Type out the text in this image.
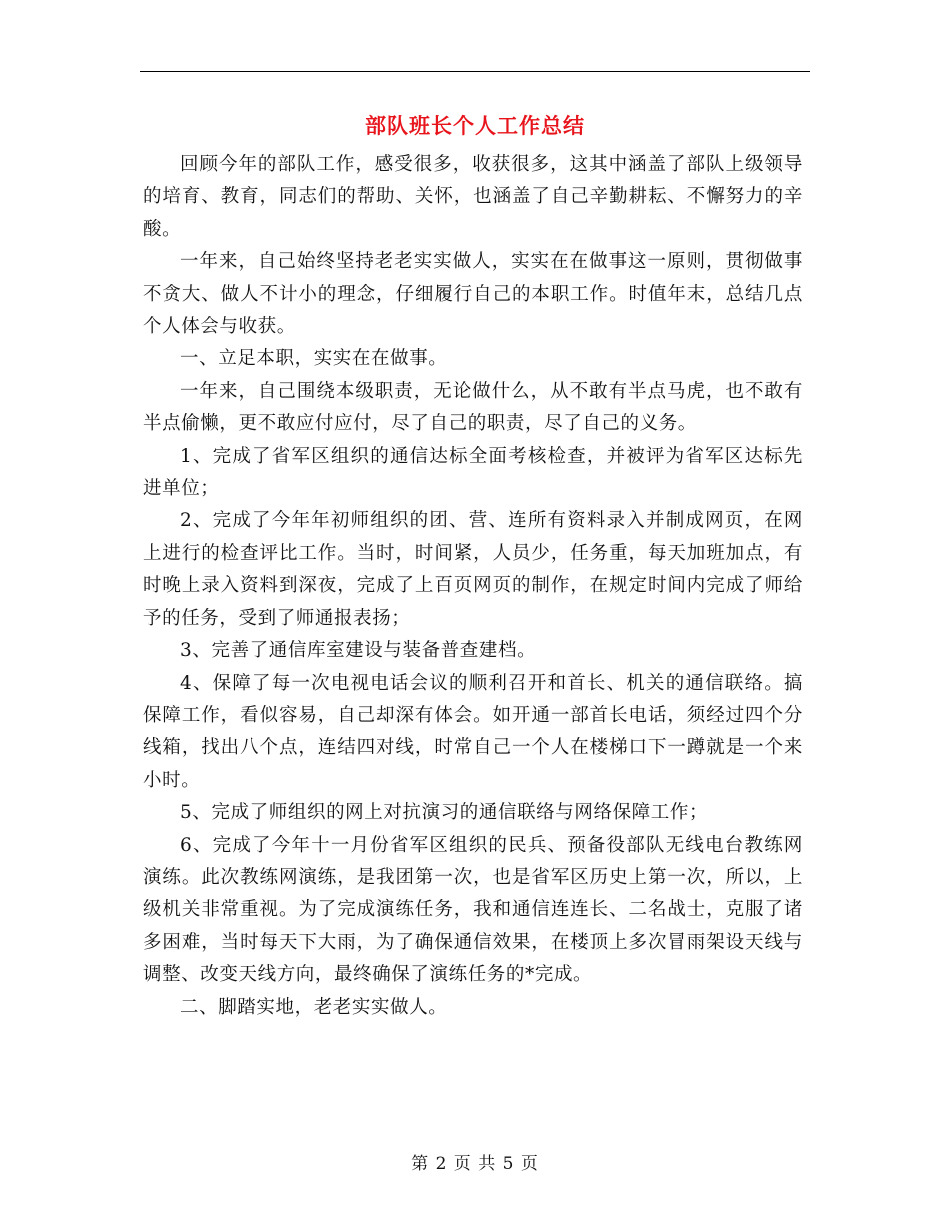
部队班长个人工作总结

回顾今年的部队工作，感受很多，收获很多，这其中涵盖了部队上级领导的培育、教育，同志们的帮助、关怀，也涵盖了自己辛勤耕耘、不懈努力的辛酸。

一年来，自己始终坚持老老实实做人，实实在在做事这一原则，贯彻做事不贪大、做人不计小的理念，仔细履行自己的本职工作。时值年末，总结几点个人体会与收获。

一、立足本职，实实在在做事。

一年来，自己围绕本级职责，无论做什么，从不敢有半点马虎，也不敢有半点偷懒，更不敢应付应付，尽了自己的职责，尽了自己的义务。

1、完成了省军区组织的通信达标全面考核检查，并被评为省军区达标先进单位；

2、完成了今年年初师组织的团、营、连所有资料录入并制成网页，在网上进行的检查评比工作。当时，时间紧，人员少，任务重，每天加班加点，有时晚上录入资料到深夜，完成了上百页网页的制作，在规定时间内完成了师给予的任务，受到了师通报表扬；

3、完善了通信库室建设与装备普查建档。

4、保障了每一次电视电话会议的顺利召开和首长、机关的通信联络。搞保障工作，看似容易，自己却深有体会。如开通一部首长电话，须经过四个分线箱，找出八个点，连结四对线，时常自己一个人在楼梯口下一蹲就是一个来小时。

5、完成了师组织的网上对抗演习的通信联络与网络保障工作；

6、完成了今年十一月份省军区组织的民兵、预备役部队无线电台教练网演练。此次教练网演练，是我团第一次，也是省军区历史上第一次，所以，上级机关非常重视。为了完成演练任务，我和通信连连长、二名战士，克服了诸多困难，当时每天下大雨，为了确保通信效果，在楼顶上多次冒雨架设天线与调整、改变天线方向，最终确保了演练任务的*完成。

二、脚踏实地，老老实实做人。

第 2 页 共 5 页
